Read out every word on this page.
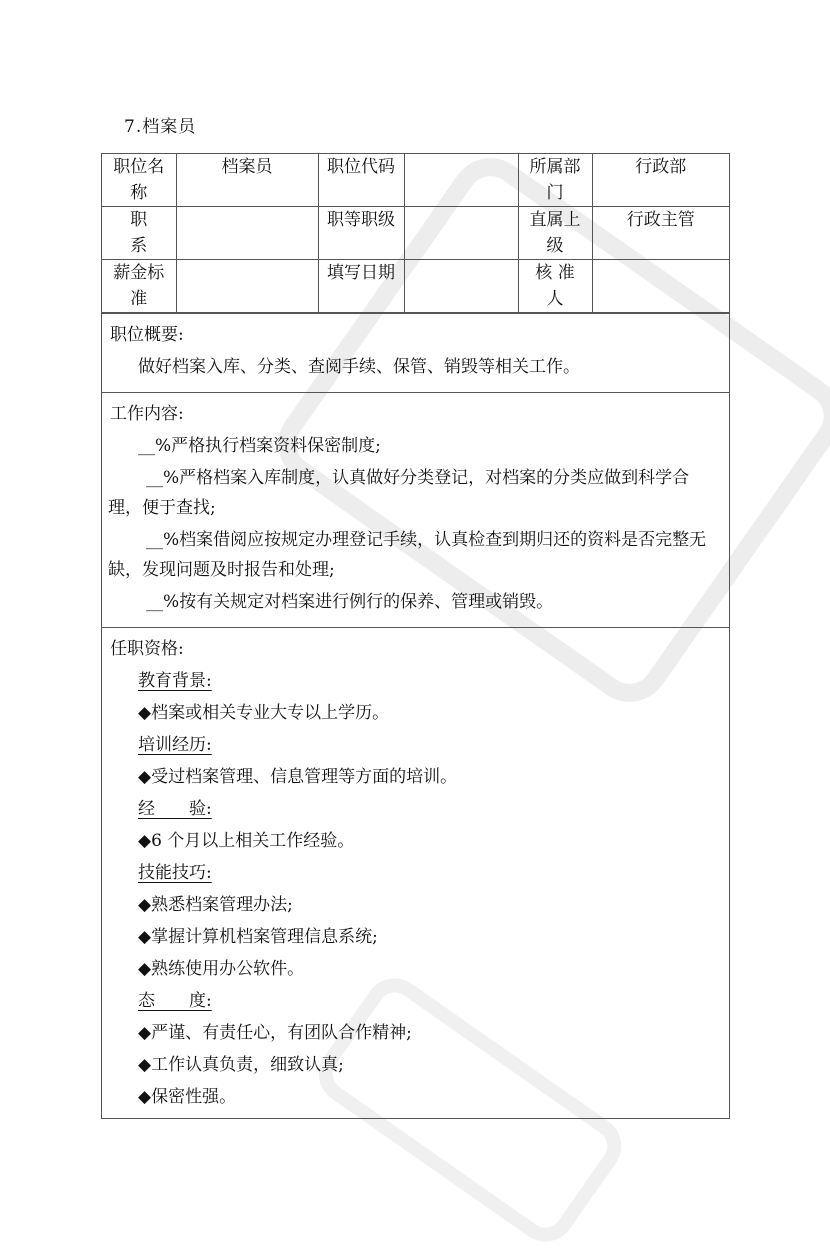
7.档案员
职位名称	档案员	职位代码		所属部门	行政部
职系		职等职级		直属上级	行政主管
薪金标准		填写日期		核 准 人	
职位概要:
做好档案入库、分类、查阅手续、保管、销毁等相关工作。
工作内容:
__%严格执行档案资料保密制度;
__%严格档案入库制度，认真做好分类登记，对档案的分类应做到科学合理，便于查找;
__%档案借阅应按规定办理登记手续，认真检查到期归还的资料是否完整无缺，发现问题及时报告和处理;
__%按有关规定对档案进行例行的保养、管理或销毁。
任职资格:
教育背景:
◆档案或相关专业大专以上学历。
培训经历:
◆受过档案管理、信息管理等方面的培训。
经　　验:
◆6 个月以上相关工作经验。
技能技巧:
◆熟悉档案管理办法;
◆掌握计算机档案管理信息系统;
◆熟练使用办公软件。
态　　度:
◆严谨、有责任心，有团队合作精神;
◆工作认真负责，细致认真;
◆保密性强。
